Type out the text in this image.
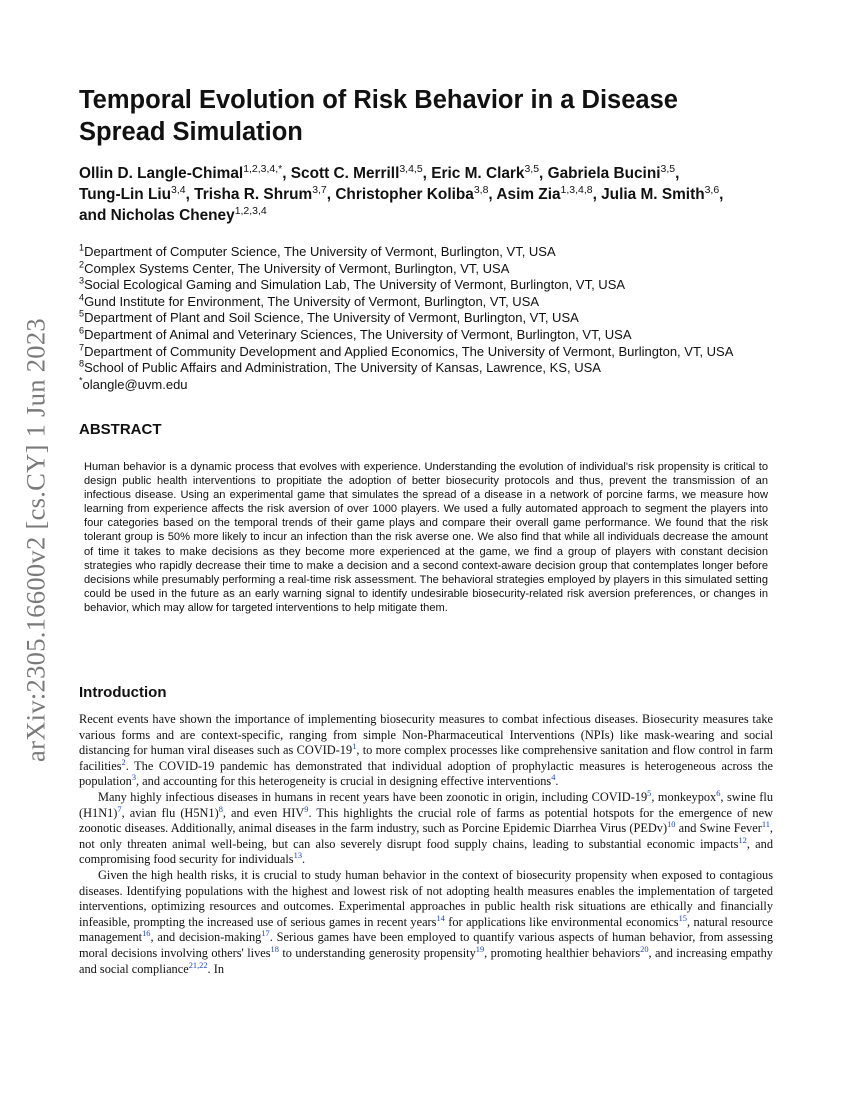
arXiv:2305.16600v2 [cs.CY] 1 Jun 2023
Temporal Evolution of Risk Behavior in a Disease
Spread Simulation

Ollin D. Langle-Chimal$^{1,2,3,4,*}$, Scott C. Merrill$^{3,4,5}$, Eric M. Clark$^{3,5}$, Gabriela Bucini$^{3,5}$,
Tung-Lin Liu$^{3,4}$, Trisha R. Shrum$^{3,7}$, Christopher Koliba$^{3,8}$, Asim Zia$^{1,3,4,8}$, Julia M. Smith$^{3,6}$,
and Nicholas Cheney$^{1,2,3,4}$

$^1$Department of Computer Science, The University of Vermont, Burlington, VT, USA
$^2$Complex Systems Center, The University of Vermont, Burlington, VT, USA
$^3$Social Ecological Gaming and Simulation Lab, The University of Vermont, Burlington, VT, USA
$^4$Gund Institute for Environment, The University of Vermont, Burlington, VT, USA
$^5$Department of Plant and Soil Science, The University of Vermont, Burlington, VT, USA
$^6$Department of Animal and Veterinary Sciences, The University of Vermont, Burlington, VT, USA
$^7$Department of Community Development and Applied Economics, The University of Vermont, Burlington, VT, USA
$^8$School of Public Affairs and Administration, The University of Kansas, Lawrence, KS, USA
*olangle@uvm.edu
ABSTRACT

Human behavior is a dynamic process that evolves with experience. Understanding the evolution of individual's risk propensity is critical to design public health interventions to propitiate the adoption of better biosecurity protocols and thus, prevent the transmission of an infectious disease. Using an experimental game that simulates the spread of a disease in a network of porcine farms, we measure how learning from experience affects the risk aversion of over 1000 players. We used a fully automated approach to segment the players into four categories based on the temporal trends of their game plays and compare their overall game performance. We found that the risk tolerant group is 50% more likely to incur an infection than the risk averse one. We also find that while all individuals decrease the amount of time it takes to make decisions as they become more experienced at the game, we find a group of players with constant decision strategies who rapidly decrease their time to make a decision and a second context-aware decision group that contemplates longer before decisions while presumably performing a real-time risk assessment. The behavioral strategies employed by players in this simulated setting could be used in the future as an early warning signal to identify undesirable biosecurity-related risk aversion preferences, or changes in behavior, which may allow for targeted interventions to help mitigate them.

Introduction

Recent events have shown the importance of implementing biosecurity measures to combat infectious diseases. Biosecurity measures take various forms and are context-specific, ranging from simple Non-Pharmaceutical Interventions (NPIs) like mask-wearing and social distancing for human viral diseases such as COVID-19$^1$, to more complex processes like comprehensive sanitation and flow control in farm facilities$^2$. The COVID-19 pandemic has demonstrated that individual adoption of prophylactic measures is heterogeneous across the population$^3$, and accounting for this heterogeneity is crucial in designing effective interventions$^4$.

Many highly infectious diseases in humans in recent years have been zoonotic in origin, including COVID-19$^5$, monkeypox$^6$, swine flu (H1N1)$^7$, avian flu (H5N1)$^8$, and even HIV$^9$. This highlights the crucial role of farms as potential hotspots for the emergence of new zoonotic diseases. Additionally, animal diseases in the farm industry, such as Porcine Epidemic Diarrhea Virus (PEDv)$^{10}$ and Swine Fever$^{11}$, not only threaten animal well-being, but can also severely disrupt food supply chains, leading to substantial economic impacts$^{12}$, and compromising food security for individuals$^{13}$.

Given the high health risks, it is crucial to study human behavior in the context of biosecurity propensity when exposed to contagious diseases. Identifying populations with the highest and lowest risk of not adopting health measures enables the implementation of targeted interventions, optimizing resources and outcomes. Experimental approaches in public health risk situations are ethically and financially infeasible, prompting the increased use of serious games in recent years$^{14}$ for applications like environmental economics$^{15}$, natural resource management$^{16}$, and decision-making$^{17}$. Serious games have been employed to quantify various aspects of human behavior, from assessing moral decisions involving others' lives$^{18}$ to understanding generosity propensity$^{19}$, promoting healthier behaviors$^{20}$, and increasing empathy and social compliance$^{21,22}$. In
